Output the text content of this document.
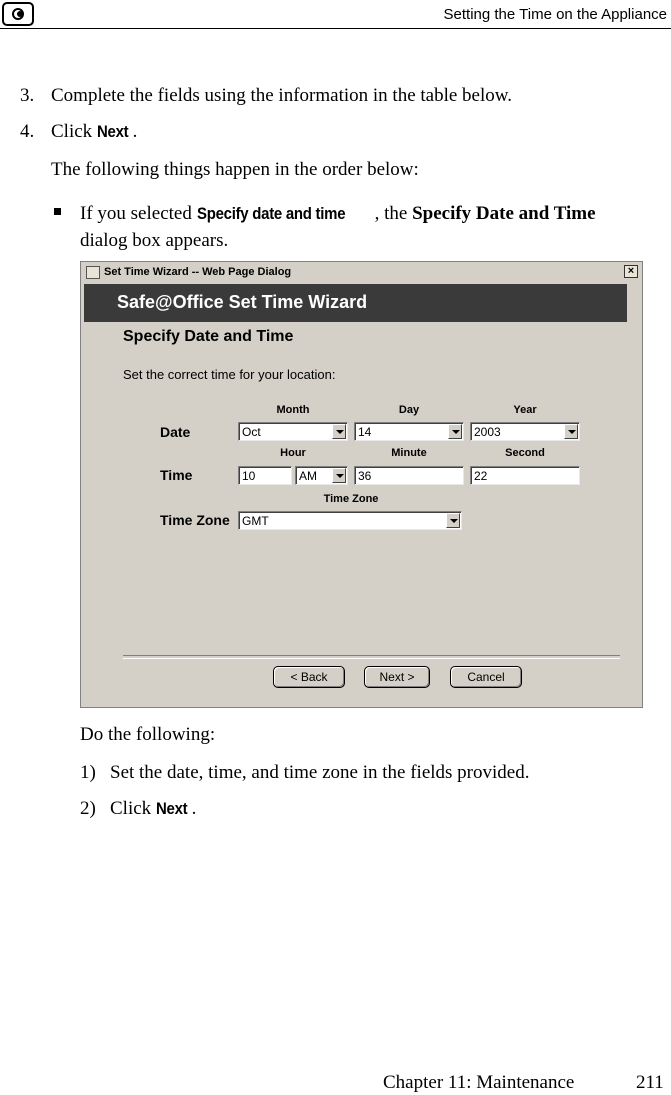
Setting the Time on the Appliance
3. Complete the fields using the information in the table below.
4. Click Next .
The following things happen in the order below:
If you selected Specify date and time , the Specify Date and Time
dialog box appears.
Set Time Wizard -- Web Page Dialog	×
Safe@Office Set Time Wizard
Specify Date and Time
Set the correct time for your location:
Month	Day	Year
Date	Oct	14	2003
Hour	Minute	Second
Time	10	AM	36	22
Time Zone
Time Zone GMT
< Back	Next >	Cancel
Do the following:
1) Set the date, time, and time zone in the fields provided.
2) Click Next .
Chapter 11: Maintenance	211
